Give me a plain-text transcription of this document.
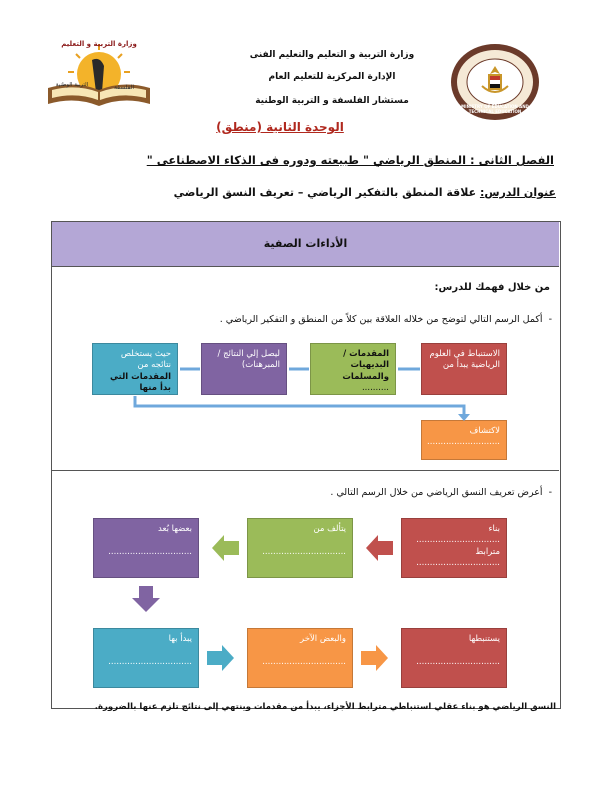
وزارة التربية و التعليم
التربية الوطنية	الفلسفة
وزارة التربية و التعليم والتعليم الفنى
الإدارة المركزية للتعليم العام
مستشار الفلسفة و التربية الوطنية
MINISTRY OF EDUCATION AND TECHNICAL EDUCATION
الوحدة الثانية (منطق)
الفصل الثانى : المنطق الرياضي " طبيعته ودوره فى الذكاء الاصطناعى "
عنوان الدرس: علاقة المنطق بالتفكير الرياضي – تعريف النسق الرياضي
الأداءات الصفية
من خلال فهمك للدرس:
-  أكمل الرسم التالي لتوضح من خلاله العلاقة بين كلاً من المنطق و التفكير الرياضي .
الاستنباط في العلوم الرياضية يبدأ من
المقدمات / البديهيات والمسلمات
..........
ليصل إلي النتائج / المبرهنات)
حيث يستخلص نتائجه من
المقدمات التي بدأ منها
لاكتشاف
...........................
-  أعرض تعريف النسق الرياضي من خلال الرسم التالي .
بناء
...............................
مترابط
...............................
يتألف من

...............................
بعضها بُعد

...............................
يبدأ بها

...............................
والبعض الآخر

...............................
يستنبطها

...............................
النسق الرياضي هو بناء عقلي استنباطي مترابط الأجزاء، يبدأ من مقدمات وينتهي إلى نتائج تلزم عنها بالضرورة.
